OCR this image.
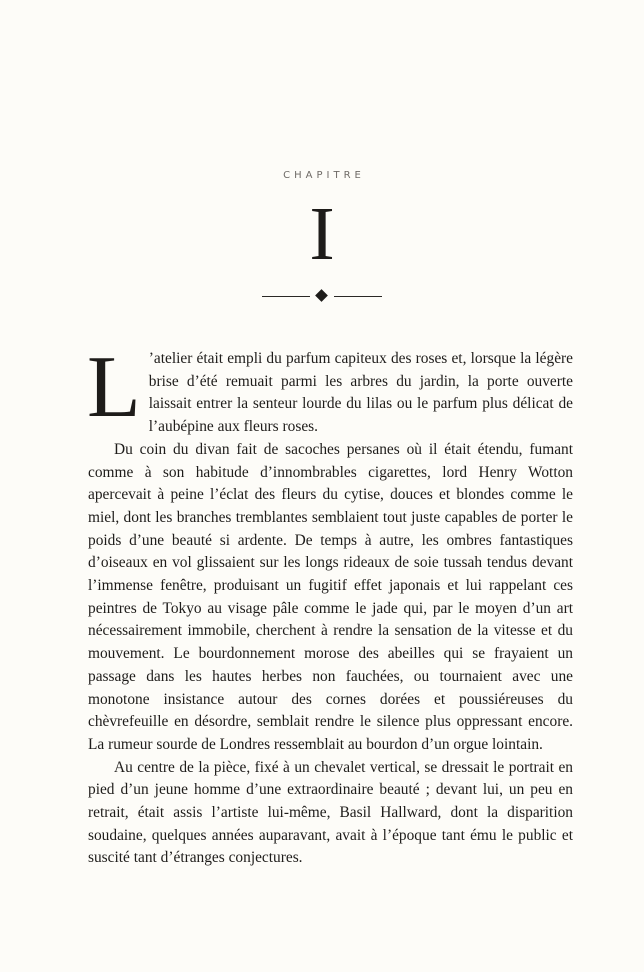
CHAPITRE
I

L ’atelier était empli du parfum capiteux des roses et, lorsque la légère brise d’été remuait parmi les arbres du jardin, la porte ouverte laissait entrer la senteur lourde du lilas ou le parfum plus délicat de l’aubépine aux fleurs roses.

Du coin du divan fait de sacoches persanes où il était étendu, fumant comme à son habitude d’innombrables cigarettes, lord Henry Wotton apercevait à peine l’éclat des fleurs du cytise, douces et blondes comme le miel, dont les branches tremblantes semblaient tout juste capables de porter le poids d’une beauté si ardente. De temps à autre, les ombres fantastiques d’oiseaux en vol glissaient sur les longs rideaux de soie tussah tendus devant l’immense fenêtre, produisant un fugitif effet japonais et lui rappelant ces peintres de Tokyo au visage pâle comme le jade qui, par le moyen d’un art nécessairement immobile, cherchent à rendre la sensation de la vitesse et du mouvement. Le bourdonnement morose des abeilles qui se frayaient un passage dans les hautes herbes non fauchées, ou tournaient avec une monotone insistance autour des cornes dorées et poussiéreuses du chèvrefeuille en désordre, semblait rendre le silence plus oppressant encore. La rumeur sourde de Londres ressemblait au bourdon d’un orgue lointain.

Au centre de la pièce, fixé à un chevalet vertical, se dressait le portrait en pied d’un jeune homme d’une extraordinaire beauté ; devant lui, un peu en retrait, était assis l’artiste lui-même, Basil Hallward, dont la disparition soudaine, quelques années auparavant, avait à l’époque tant ému le public et suscité tant d’étranges conjectures.
